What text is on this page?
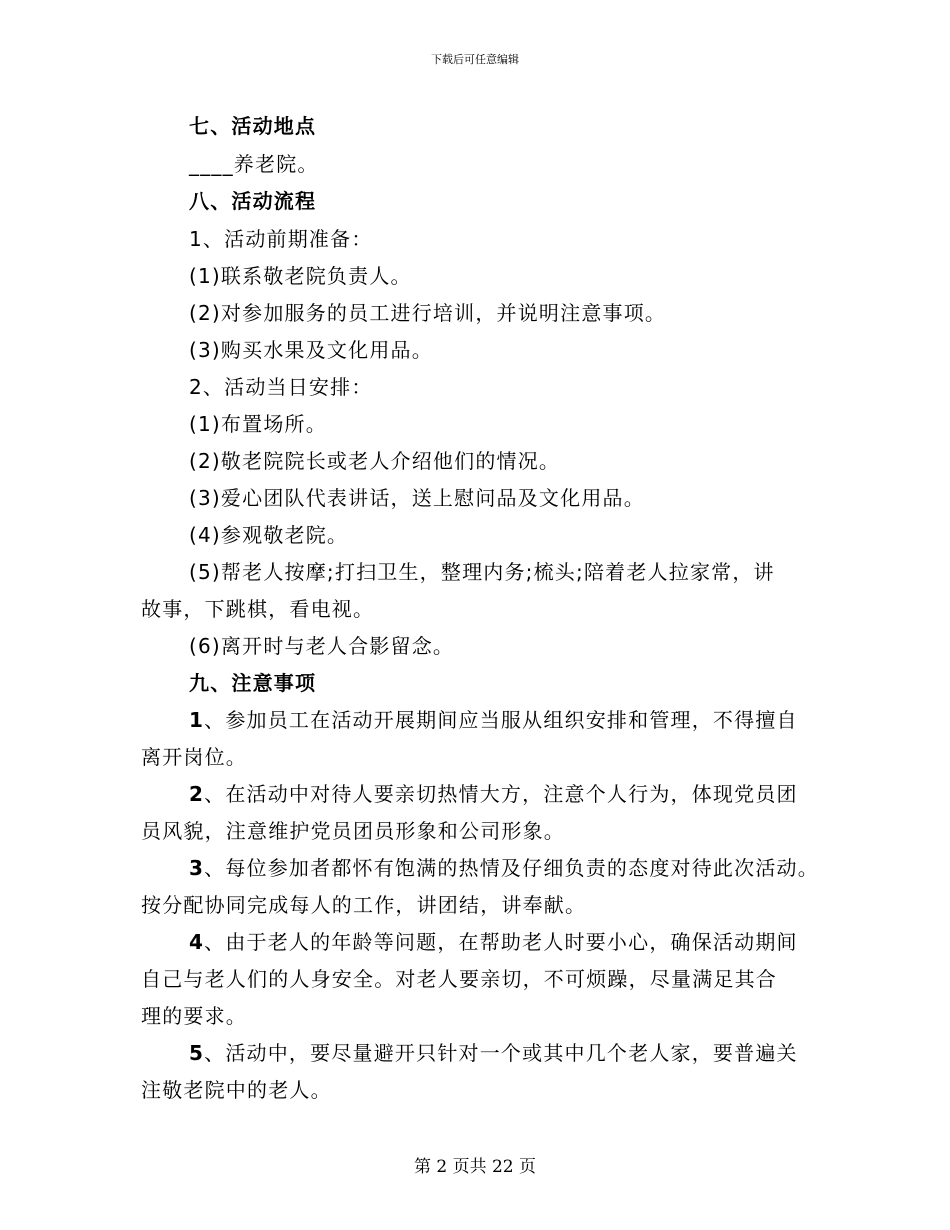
下载后可任意编辑
七、活动地点
____养老院。
八、活动流程
1、活动前期准备：
(1)联系敬老院负责人。
(2)对参加服务的员工进行培训，并说明注意事项。
(3)购买水果及文化用品。
2、活动当日安排：
(1)布置场所。
(2)敬老院院长或老人介绍他们的情况。
(3)爱心团队代表讲话，送上慰问品及文化用品。
(4)参观敬老院。
(5)帮老人按摩;打扫卫生，整理内务;梳头;陪着老人拉家常，讲
故事，下跳棋，看电视。
(6)离开时与老人合影留念。
九、注意事项
1、参加员工在活动开展期间应当服从组织安排和管理，不得擅自
离开岗位。
2、在活动中对待人要亲切热情大方，注意个人行为，体现党员团
员风貌，注意维护党员团员形象和公司形象。
3、每位参加者都怀有饱满的热情及仔细负责的态度对待此次活动。
按分配协同完成每人的工作，讲团结，讲奉献。
4、由于老人的年龄等问题，在帮助老人时要小心，确保活动期间
自己与老人们的人身安全。对老人要亲切，不可烦躁，尽量满足其合
理的要求。
5、活动中，要尽量避开只针对一个或其中几个老人家，要普遍关
注敬老院中的老人。
第 2 页共 22 页
